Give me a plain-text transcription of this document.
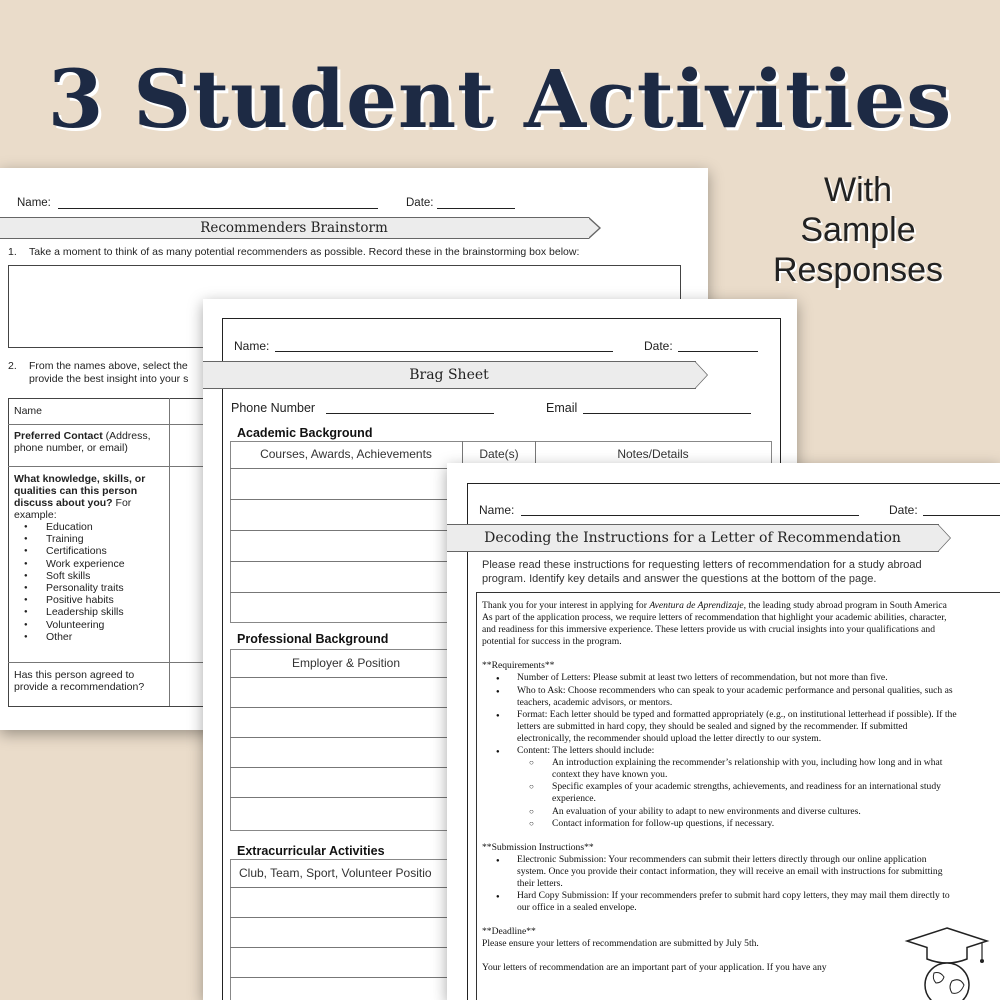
3 Student Activities
With
Sample
Responses
Name:	Date:
Recommenders Brainstorm
1. Take a moment to think of as many potential recommenders as possible. Record these in the brainstorming box below:
2. From the names above, select the
provide the best insight into your s
Name
Preferred Contact (Address,
phone number, or email)
What knowledge, skills, or
qualities can this person
discuss about you? For
example:
● Education
● Training
● Certifications
● Work experience
● Soft skills
● Personality traits
● Positive habits
● Leadership skills
● Volunteering
● Other
Has this person agreed to
provide a recommendation?
Name:	Date:
Brag Sheet
Phone Number	Email
Academic Background
Courses, Awards, Achievements	Date(s)	Notes/Details
Professional Background
Employer & Position
Extracurricular Activities
Club, Team, Sport, Volunteer Positio
Name:	Date:
Decoding the Instructions for a Letter of Recommendation
Please read these instructions for requesting letters of recommendation for a study abroad
program. Identify key details and answer the questions at the bottom of the page.

Thank you for your interest in applying for Aventura de Aprendizaje, the leading study abroad program in South America
As part of the application process, we require letters of recommendation that highlight your academic abilities, character,
and readiness for this immersive experience. These letters provide us with crucial insights into your qualifications and
potential for success in the program.

**Requirements**
● Number of Letters: Please submit at least two letters of recommendation, but not more than five.
● Who to Ask: Choose recommenders who can speak to your academic performance and personal qualities, such as
teachers, academic advisors, or mentors.
● Format: Each letter should be typed and formatted appropriately (e.g., on institutional letterhead if possible). If the
letters are submitted in hard copy, they should be sealed and signed by the recommender. If submitted
electronically, the recommender should upload the letter directly to our system.
● Content: The letters should include:
○ An introduction explaining the recommender’s relationship with you, including how long and in what
context they have known you.
○ Specific examples of your academic strengths, achievements, and readiness for an international study
experience.
○ An evaluation of your ability to adapt to new environments and diverse cultures.
○ Contact information for follow-up questions, if necessary.
**Submission Instructions**
● Electronic Submission: Your recommenders can submit their letters directly through our online application
system. Once you provide their contact information, they will receive an email with instructions for submitting
their letters.
● Hard Copy Submission: If your recommenders prefer to submit hard copy letters, they may mail them directly to
our office in a sealed envelope.
**Deadline**
Please ensure your letters of recommendation are submitted by July 5th.
Your letters of recommendation are an important part of your application. If you have any
